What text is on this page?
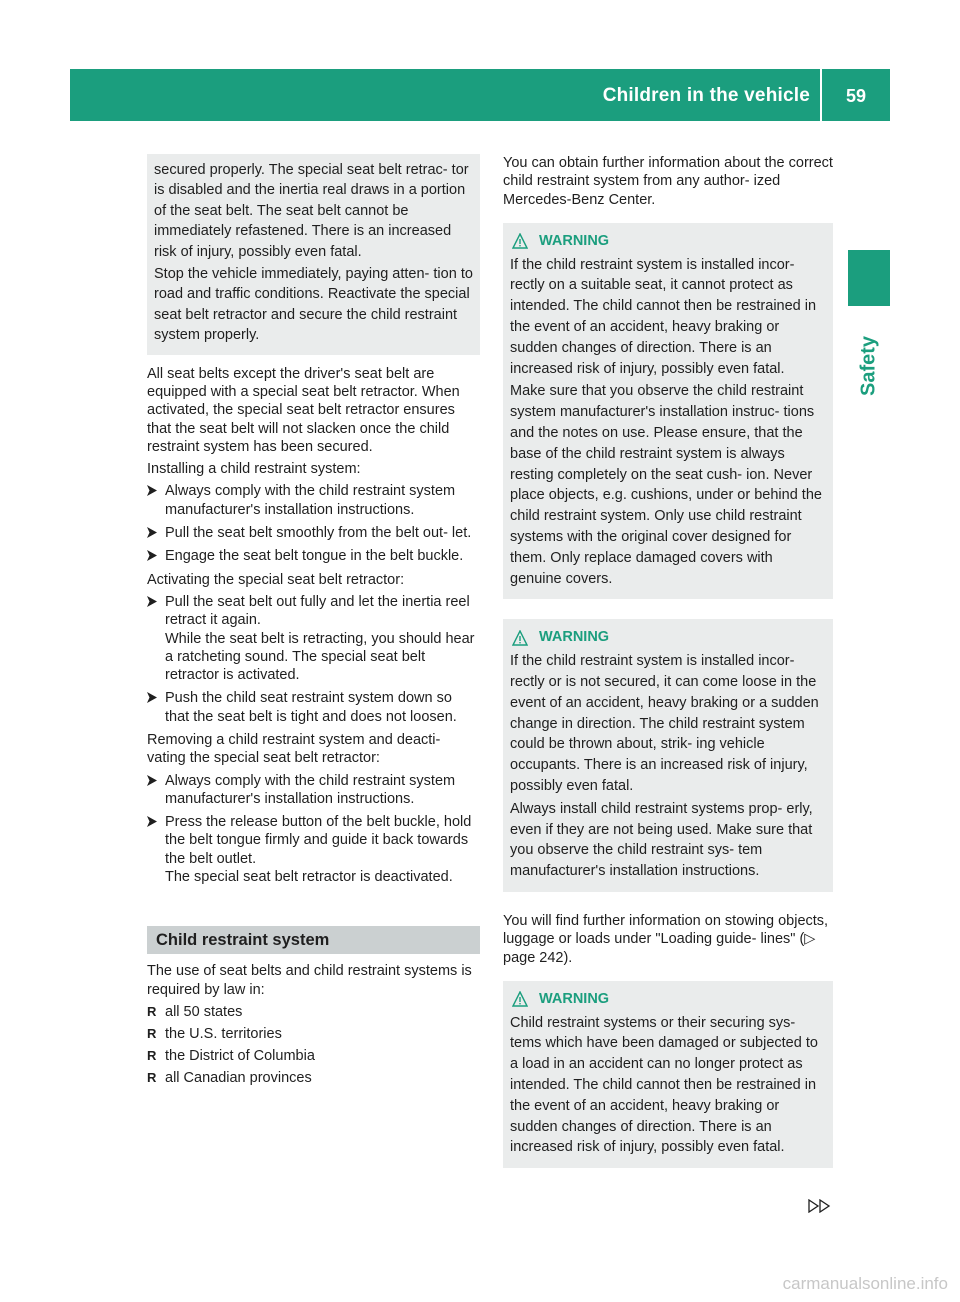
Children in the vehicle	59
Safety

secured properly. The special seat belt retrac- tor is disabled and the inertia real draws in a portion of the seat belt. The seat belt cannot be immediately refastened. There is an increased risk of injury, possibly even fatal.

Stop the vehicle immediately, paying atten- tion to road and traffic conditions. Reactivate the special seat belt retractor and secure the child restraint system properly.

All seat belts except the driver's seat belt are equipped with a special seat belt retractor. When activated, the special seat belt retractor ensures that the seat belt will not slacken once the child restraint system has been secured.

Installing a child restraint system:

Always comply with the child restraint system manufacturer's installation instructions.
Pull the seat belt smoothly from the belt out- let.
Engage the seat belt tongue in the belt buckle.

Activating the special seat belt retractor:

Pull the seat belt out fully and let the inertia reel retract it again.
While the seat belt is retracting, you should hear a ratcheting sound. The special seat belt retractor is activated.
Push the child seat restraint system down so that the seat belt is tight and does not loosen.

Removing a child restraint system and deacti- vating the special seat belt retractor:

Always comply with the child restraint system manufacturer's installation instructions.
Press the release button of the belt buckle, hold the belt tongue firmly and guide it back towards the belt outlet.
The special seat belt retractor is deactivated.
Child restraint system

The use of seat belts and child restraint systems is required by law in:

R all 50 states
R the U.S. territories
R the District of Columbia
R all Canadian provinces

You can obtain further information about the correct child restraint system from any author- ized Mercedes-Benz Center.

WARNING

If the child restraint system is installed incor- rectly on a suitable seat, it cannot protect as intended. The child cannot then be restrained in the event of an accident, heavy braking or sudden changes of direction. There is an increased risk of injury, possibly even fatal.

Make sure that you observe the child restraint system manufacturer's installation instruc- tions and the notes on use. Please ensure, that the base of the child restraint system is always resting completely on the seat cush- ion. Never place objects, e.g. cushions, under or behind the child restraint system. Only use child restraint systems with the original cover designed for them. Only replace damaged covers with genuine covers.

WARNING

If the child restraint system is installed incor- rectly or is not secured, it can come loose in the event of an accident, heavy braking or a sudden change in direction. The child restraint system could be thrown about, strik- ing vehicle occupants. There is an increased risk of injury, possibly even fatal.

Always install child restraint systems prop- erly, even if they are not being used. Make sure that you observe the child restraint sys- tem manufacturer's installation instructions.

You will find further information on stowing objects, luggage or loads under "Loading guide- lines" (▷ page 242).

WARNING

Child restraint systems or their securing sys- tems which have been damaged or subjected to a load in an accident can no longer protect as intended. The child cannot then be restrained in the event of an accident, heavy braking or sudden changes of direction. There is an increased risk of injury, possibly even fatal.

carmanualsonline.info
